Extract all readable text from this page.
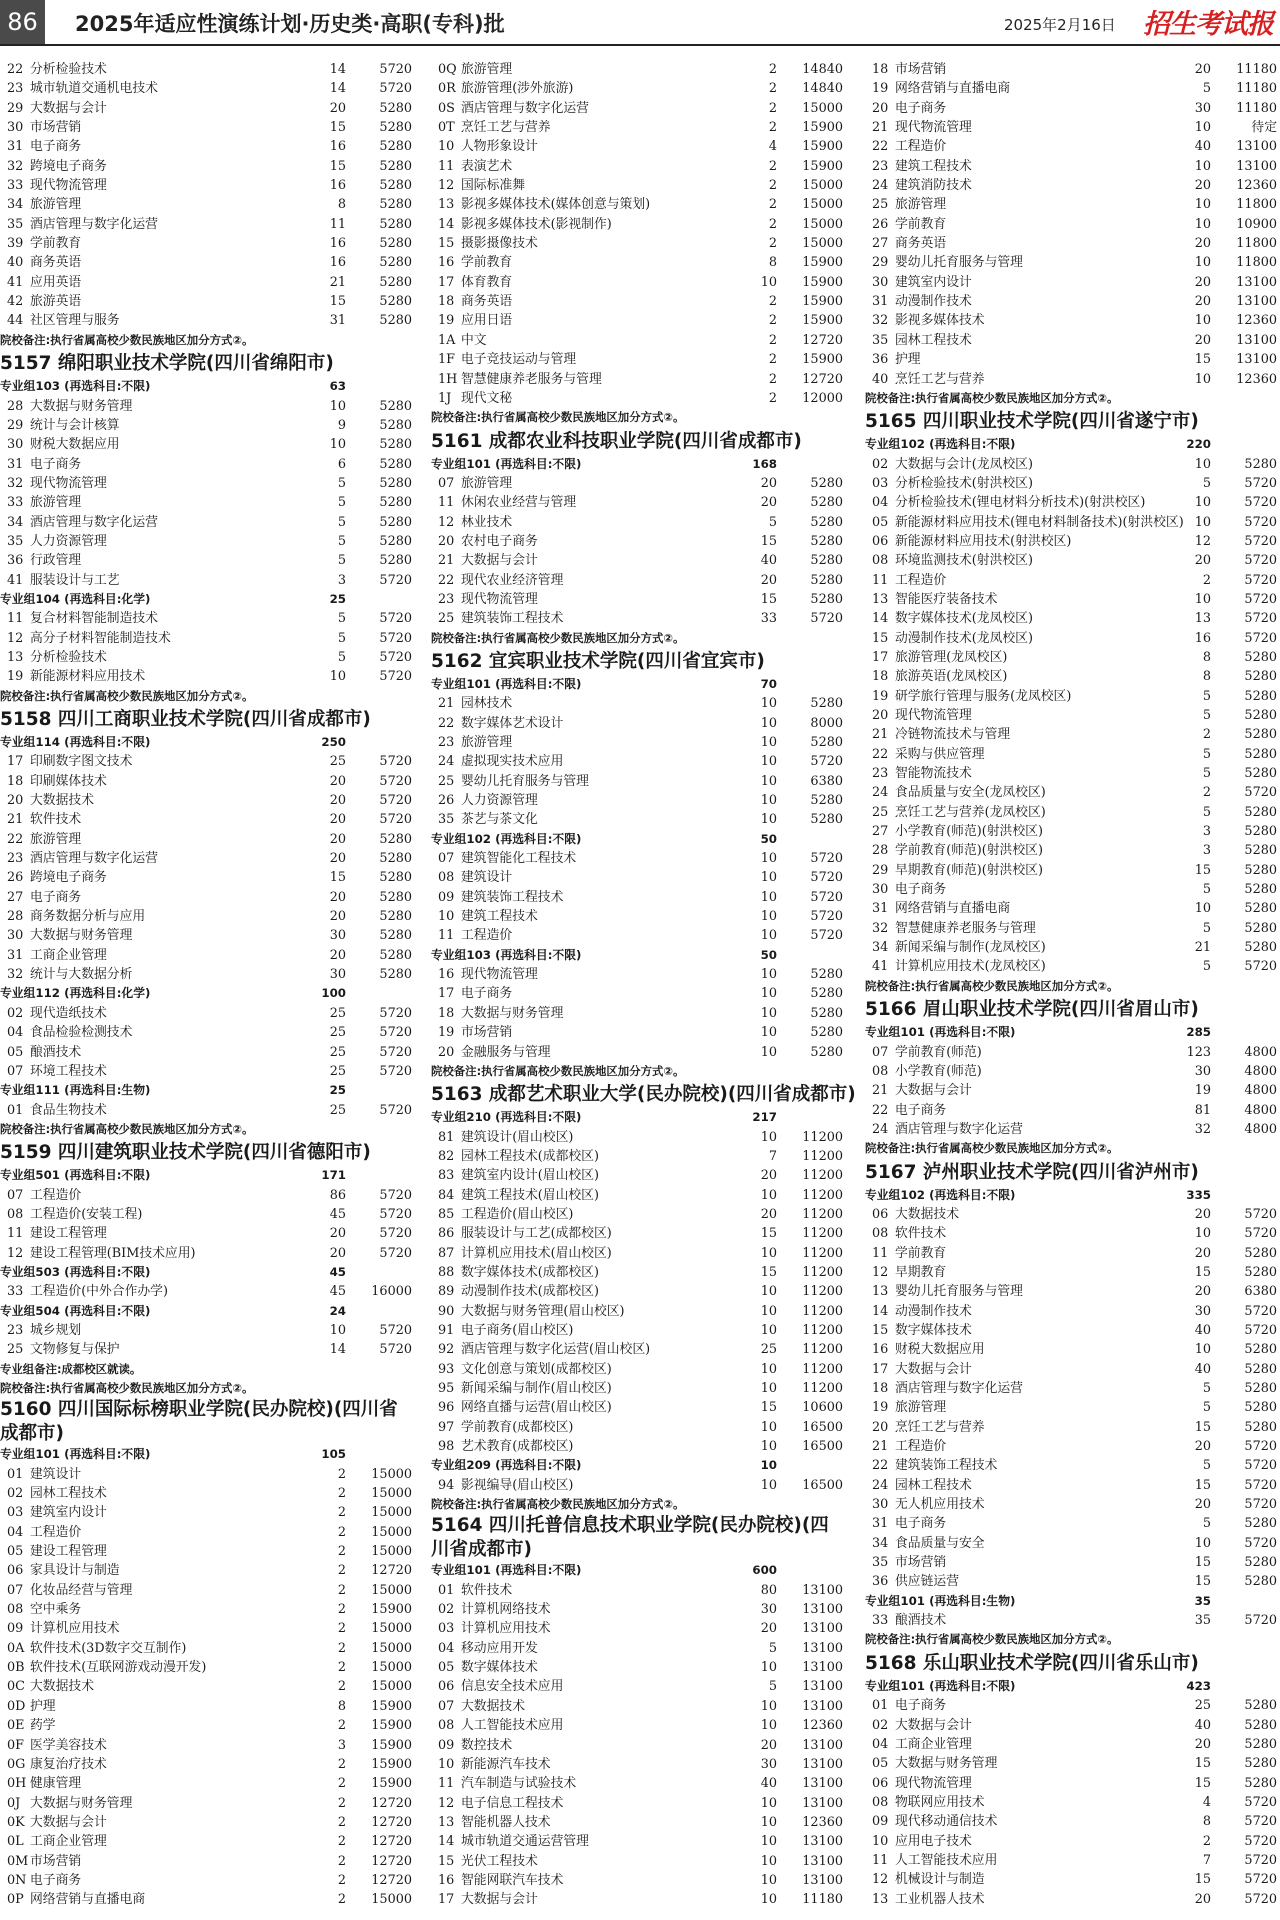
86	2025年适应性演练计划·历史类·高职(专科)批	2025年2月16日 招生考试报
22 分析检验技术	14	5720
23 城市轨道交通机电技术	14	5720
29 大数据与会计	20	5280
30 市场营销	15	5280
31 电子商务	16	5280
32 跨境电子商务	15	5280
33 现代物流管理	16	5280
34 旅游管理	8	5280
35 酒店管理与数字化运营	11	5280
39 学前教育	16	5280
40 商务英语	16	5280
41 应用英语	21	5280
42 旅游英语	15	5280
44 社区管理与服务	31	5280
院校备注:执行省属高校少数民族地区加分方式②。
5157 绵阳职业技术学院(四川省绵阳市)
专业组103 (再选科目:不限)	63
28 大数据与财务管理	10	5280
29 统计与会计核算	9	5280
30 财税大数据应用	10	5280
31 电子商务	6	5280
32 现代物流管理	5	5280
33 旅游管理	5	5280
34 酒店管理与数字化运营	5	5280
35 人力资源管理	5	5280
36 行政管理	5	5280
41 服装设计与工艺	3	5720
专业组104 (再选科目:化学)	25
11 复合材料智能制造技术	5	5720
12 高分子材料智能制造技术	5	5720
13 分析检验技术	5	5720
19 新能源材料应用技术	10	5720
院校备注:执行省属高校少数民族地区加分方式②。
5158 四川工商职业技术学院(四川省成都市)
专业组114 (再选科目:不限)	250
17 印刷数字图文技术	25	5720
18 印刷媒体技术	20	5720
20 大数据技术	20	5720
21 软件技术	20	5720
22 旅游管理	20	5280
23 酒店管理与数字化运营	20	5280
26 跨境电子商务	15	5280
27 电子商务	20	5280
28 商务数据分析与应用	20	5280
30 大数据与财务管理	30	5280
31 工商企业管理	20	5280
32 统计与大数据分析	30	5280
专业组112 (再选科目:化学)	100
02 现代造纸技术	25	5720
04 食品检验检测技术	25	5720
05 酿酒技术	25	5720
07 环境工程技术	25	5720
专业组111 (再选科目:生物)	25
01 食品生物技术	25	5720
院校备注:执行省属高校少数民族地区加分方式②。
5159 四川建筑职业技术学院(四川省德阳市)
专业组501 (再选科目:不限)	171
07 工程造价	86	5720
08 工程造价(安装工程)	45	5720
11 建设工程管理	20	5720
12 建设工程管理(BIM技术应用)	20	5720
专业组503 (再选科目:不限)	45
33 工程造价(中外合作办学)	45	16000
专业组504 (再选科目:不限)	24
23 城乡规划	10	5720
25 文物修复与保护	14	5720
专业组备注:成都校区就读。
院校备注:执行省属高校少数民族地区加分方式②。
5160 四川国际标榜职业学院(民办院校)(四川省成都市)
专业组101 (再选科目:不限)	105
01 建筑设计	2	15000
02 园林工程技术	2	15000
03 建筑室内设计	2	15000
04 工程造价	2	15000
05 建设工程管理	2	15000
06 家具设计与制造	2	12720
07 化妆品经营与管理	2	15000
08 空中乘务	2	15900
09 计算机应用技术	2	15000
0A 软件技术(3D数字交互制作)	2	15000
0B 软件技术(互联网游戏动漫开发)	2	15000
0C 大数据技术	2	15000
0D 护理	8	15900
0E 药学	2	15900
0F 医学美容技术	3	15900
0G 康复治疗技术	2	15900
0H 健康管理	2	15900
0J 大数据与财务管理	2	12720
0K 大数据与会计	2	12720
0L 工商企业管理	2	12720
0M 市场营销	2	12720
0N 电子商务	2	12720
0P 网络营销与直播电商	2	15000
0Q 旅游管理	2	14840
0R 旅游管理(涉外旅游)	2	14840
0S 酒店管理与数字化运营	2	15000
0T 烹饪工艺与营养	2	15900
10 人物形象设计	4	15900
11 表演艺术	2	15900
12 国际标准舞	2	15000
13 影视多媒体技术(媒体创意与策划)	2	15000
14 影视多媒体技术(影视制作)	2	15000
15 摄影摄像技术	2	15000
16 学前教育	8	15900
17 体育教育	10	15900
18 商务英语	2	15900
19 应用日语	2	15900
1A 中文	2	12720
1F 电子竞技运动与管理	2	15900
1H 智慧健康养老服务与管理	2	12720
1J 现代文秘	2	12000
院校备注:执行省属高校少数民族地区加分方式②。
5161 成都农业科技职业学院(四川省成都市)
专业组101 (再选科目:不限)	168
07 旅游管理	20	5280
11 休闲农业经营与管理	20	5280
12 林业技术	5	5280
20 农村电子商务	15	5280
21 大数据与会计	40	5280
22 现代农业经济管理	20	5280
23 现代物流管理	15	5280
25 建筑装饰工程技术	33	5720
院校备注:执行省属高校少数民族地区加分方式②。
5162 宜宾职业技术学院(四川省宜宾市)
专业组101 (再选科目:不限)	70
21 园林技术	10	5280
22 数字媒体艺术设计	10	8000
23 旅游管理	10	5280
24 虚拟现实技术应用	10	5720
25 婴幼儿托育服务与管理	10	6380
26 人力资源管理	10	5280
35 茶艺与茶文化	10	5280
专业组102 (再选科目:不限)	50
07 建筑智能化工程技术	10	5720
08 建筑设计	10	5720
09 建筑装饰工程技术	10	5720
10 建筑工程技术	10	5720
11 工程造价	10	5720
专业组103 (再选科目:不限)	50
16 现代物流管理	10	5280
17 电子商务	10	5280
18 大数据与财务管理	10	5280
19 市场营销	10	5280
20 金融服务与管理	10	5280
院校备注:执行省属高校少数民族地区加分方式②。
5163 成都艺术职业大学(民办院校)(四川省成都市)
专业组210 (再选科目:不限)	217
81 建筑设计(眉山校区)	10	11200
82 园林工程技术(成都校区)	7	11200
83 建筑室内设计(眉山校区)	20	11200
84 建筑工程技术(眉山校区)	10	11200
85 工程造价(眉山校区)	20	11200
86 服装设计与工艺(成都校区)	15	11200
87 计算机应用技术(眉山校区)	10	11200
88 数字媒体技术(成都校区)	15	11200
89 动漫制作技术(成都校区)	10	11200
90 大数据与财务管理(眉山校区)	10	11200
91 电子商务(眉山校区)	10	11200
92 酒店管理与数字化运营(眉山校区)	25	11200
93 文化创意与策划(成都校区)	10	11200
95 新闻采编与制作(眉山校区)	10	11200
96 网络直播与运营(眉山校区)	15	10600
97 学前教育(成都校区)	10	16500
98 艺术教育(成都校区)	10	16500
专业组209 (再选科目:不限)	10
94 影视编导(眉山校区)	10	16500
院校备注:执行省属高校少数民族地区加分方式②。
5164 四川托普信息技术职业学院(民办院校)(四川省成都市)
专业组101 (再选科目:不限)	600
01 软件技术	80	13100
02 计算机网络技术	30	13100
03 计算机应用技术	20	13100
04 移动应用开发	5	13100
05 数字媒体技术	10	13100
06 信息安全技术应用	5	13100
07 大数据技术	10	13100
08 人工智能技术应用	10	12360
09 数控技术	20	13100
10 新能源汽车技术	30	13100
11 汽车制造与试验技术	40	13100
12 电子信息工程技术	10	13100
13 智能机器人技术	10	12360
14 城市轨道交通运营管理	10	13100
15 光伏工程技术	10	13100
16 智能网联汽车技术	10	13100
17 大数据与会计	10	11180
18 市场营销	20	11180
19 网络营销与直播电商	5	11180
20 电子商务	30	11180
21 现代物流管理	10	待定
22 工程造价	40	13100
23 建筑工程技术	10	13100
24 建筑消防技术	20	12360
25 旅游管理	10	11800
26 学前教育	10	10900
27 商务英语	20	11800
29 婴幼儿托育服务与管理	10	11800
30 建筑室内设计	20	13100
31 动漫制作技术	20	13100
32 影视多媒体技术	10	12360
35 园林工程技术	20	13100
36 护理	15	13100
40 烹饪工艺与营养	10	12360
院校备注:执行省属高校少数民族地区加分方式②。
5165 四川职业技术学院(四川省遂宁市)
专业组102 (再选科目:不限)	220
02 大数据与会计(龙凤校区)	10	5280
03 分析检验技术(射洪校区)	5	5720
04 分析检验技术(锂电材料分析技术)(射洪校区)	10	5720
05 新能源材料应用技术(锂电材料制备技术)(射洪校区) 10	5720
06 新能源材料应用技术(射洪校区)	12	5720
08 环境监测技术(射洪校区)	20	5720
11 工程造价	2	5720
13 智能医疗装备技术	10	5720
14 数字媒体技术(龙凤校区)	13	5720
15 动漫制作技术(龙凤校区)	16	5720
17 旅游管理(龙凤校区)	8	5280
18 旅游英语(龙凤校区)	8	5280
19 研学旅行管理与服务(龙凤校区)	5	5280
20 现代物流管理	5	5280
21 冷链物流技术与管理	2	5280
22 采购与供应管理	5	5280
23 智能物流技术	5	5280
24 食品质量与安全(龙凤校区)	2	5720
25 烹饪工艺与营养(龙凤校区)	5	5280
27 小学教育(师范)(射洪校区)	3	5280
28 学前教育(师范)(射洪校区)	3	5280
29 早期教育(师范)(射洪校区)	15	5280
30 电子商务	5	5280
31 网络营销与直播电商	10	5280
32 智慧健康养老服务与管理	5	5280
34 新闻采编与制作(龙凤校区)	21	5280
41 计算机应用技术(龙凤校区)	5	5720
院校备注:执行省属高校少数民族地区加分方式②。
5166 眉山职业技术学院(四川省眉山市)
专业组101 (再选科目:不限)	285
07 学前教育(师范)	123	4800
08 小学教育(师范)	30	4800
21 大数据与会计	19	4800
22 电子商务	81	4800
24 酒店管理与数字化运营	32	4800
院校备注:执行省属高校少数民族地区加分方式②。
5167 泸州职业技术学院(四川省泸州市)
专业组102 (再选科目:不限)	335
06 大数据技术	20	5720
08 软件技术	10	5720
11 学前教育	20	5280
12 早期教育	15	5280
13 婴幼儿托育服务与管理	20	6380
14 动漫制作技术	30	5720
15 数字媒体技术	40	5720
16 财税大数据应用	10	5280
17 大数据与会计	40	5280
18 酒店管理与数字化运营	5	5280
19 旅游管理	5	5280
20 烹饪工艺与营养	15	5280
21 工程造价	20	5720
22 建筑装饰工程技术	5	5720
24 园林工程技术	15	5720
30 无人机应用技术	20	5720
31 电子商务	5	5280
34 食品质量与安全	10	5720
35 市场营销	15	5280
36 供应链运营	15	5280
专业组101 (再选科目:生物)	35
33 酿酒技术	35	5720
院校备注:执行省属高校少数民族地区加分方式②。
5168 乐山职业技术学院(四川省乐山市)
专业组101 (再选科目:不限)	423
01 电子商务	25	5280
02 大数据与会计	40	5280
04 工商企业管理	20	5280
05 大数据与财务管理	15	5280
06 现代物流管理	15	5280
08 物联网应用技术	4	5720
09 现代移动通信技术	8	5720
10 应用电子技术	2	5720
11 人工智能技术应用	7	5720
12 机械设计与制造	15	5720
13 工业机器人技术	20	5720
